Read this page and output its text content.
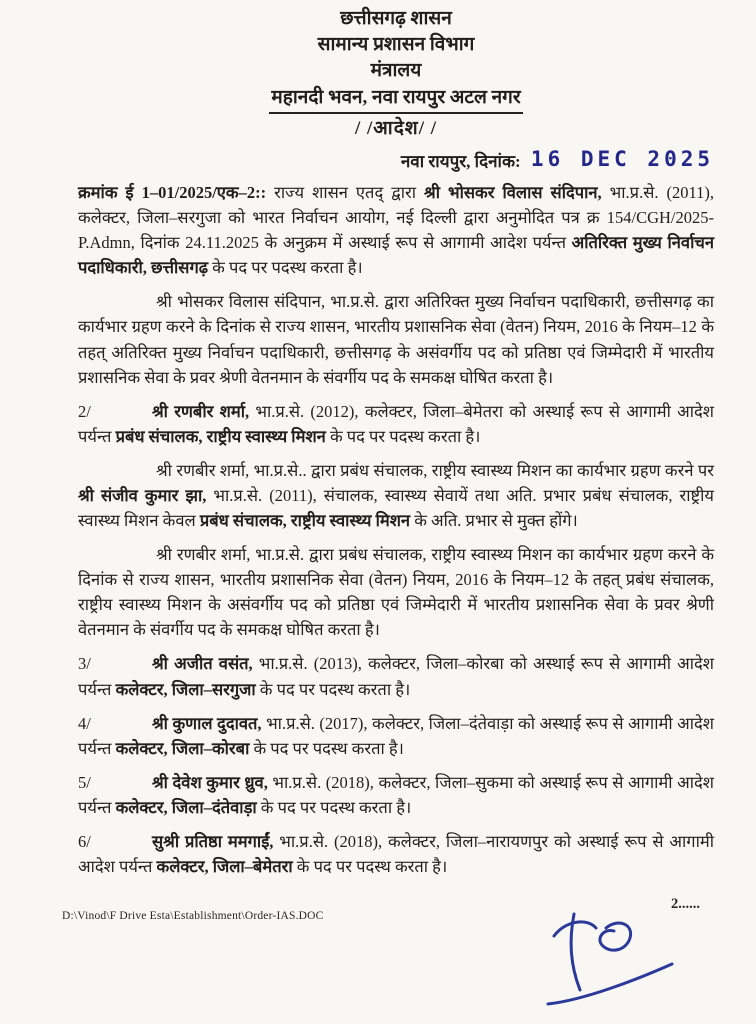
छत्तीसगढ़ शासन
सामान्य प्रशासन विभाग
मंत्रालय
महानदी भवन, नवा रायपुर अटल नगर
/ /आदेश/ /
नवा रायपुर, दिनांक: 16 DEC 2025
क्रमांक ई 1–01/2025/एक–2:: राज्य शासन एतद् द्वारा श्री भोसकर विलास संदिपान, भा.प्र.से. (2011), कलेक्टर, जिला–सरगुजा को भारत निर्वाचन आयोग, नई दिल्ली द्वारा अनुमोदित पत्र क्र 154/CGH/2025-P.Admn, दिनांक 24.11.2025 के अनुक्रम में अस्थाई रूप से आगामी आदेश पर्यन्त अतिरिक्त मुख्य निर्वाचन पदाधिकारी, छत्तीसगढ़ के पद पर पदस्थ करता है।
श्री भोसकर विलास संदिपान, भा.प्र.से. द्वारा अतिरिक्त मुख्य निर्वाचन पदाधिकारी, छत्तीसगढ़ का कार्यभार ग्रहण करने के दिनांक से राज्य शासन, भारतीय प्रशासनिक सेवा (वेतन) नियम, 2016 के नियम–12 के तहत् अतिरिक्त मुख्य निर्वाचन पदाधिकारी, छत्तीसगढ़ के असंवर्गीय पद को प्रतिष्ठा एवं जिम्मेदारी में भारतीय प्रशासनिक सेवा के प्रवर श्रेणी वेतनमान के संवर्गीय पद के समकक्ष घोषित करता है।
2/	श्री रणबीर शर्मा, भा.प्र.से. (2012), कलेक्टर, जिला–बेमेतरा को अस्थाई रूप से आगामी आदेश पर्यन्त प्रबंध संचालक, राष्ट्रीय स्वास्थ्य मिशन के पद पर पदस्थ करता है।
श्री रणबीर शर्मा, भा.प्र.से.. द्वारा प्रबंध संचालक, राष्ट्रीय स्वास्थ्य मिशन का कार्यभार ग्रहण करने पर श्री संजीव कुमार झा, भा.प्र.से. (2011), संचालक, स्वास्थ्य सेवायें तथा अति. प्रभार प्रबंध संचालक, राष्ट्रीय स्वास्थ्य मिशन केवल प्रबंध संचालक, राष्ट्रीय स्वास्थ्य मिशन के अति. प्रभार से मुक्त होंगे।
श्री रणबीर शर्मा, भा.प्र.से. द्वारा प्रबंध संचालक, राष्ट्रीय स्वास्थ्य मिशन का कार्यभार ग्रहण करने के दिनांक से राज्य शासन, भारतीय प्रशासनिक सेवा (वेतन) नियम, 2016 के नियम–12 के तहत् प्रबंध संचालक, राष्ट्रीय स्वास्थ्य मिशन के असंवर्गीय पद को प्रतिष्ठा एवं जिम्मेदारी में भारतीय प्रशासनिक सेवा के प्रवर श्रेणी वेतनमान के संवर्गीय पद के समकक्ष घोषित करता है।
3/	श्री अजीत वसंत, भा.प्र.से. (2013), कलेक्टर, जिला–कोरबा को अस्थाई रूप से आगामी आदेश पर्यन्त कलेक्टर, जिला–सरगुजा के पद पर पदस्थ करता है।
4/	श्री कुणाल दुदावत, भा.प्र.से. (2017), कलेक्टर, जिला–दंतेवाड़ा को अस्थाई रूप से आगामी आदेश पर्यन्त कलेक्टर, जिला–कोरबा के पद पर पदस्थ करता है।
5/	श्री देवेश कुमार ध्रुव, भा.प्र.से. (2018), कलेक्टर, जिला–सुकमा को अस्थाई रूप से आगामी आदेश पर्यन्त कलेक्टर, जिला–दंतेवाड़ा के पद पर पदस्थ करता है।
6/	सुश्री प्रतिष्ठा ममगाईं, भा.प्र.से. (2018), कलेक्टर, जिला–नारायणपुर को अस्थाई रूप से आगामी आदेश पर्यन्त कलेक्टर, जिला–बेमेतरा के पद पर पदस्थ करता है।
D:\Vinod\F Drive Esta\Establishment\Order-IAS.DOC
2......
